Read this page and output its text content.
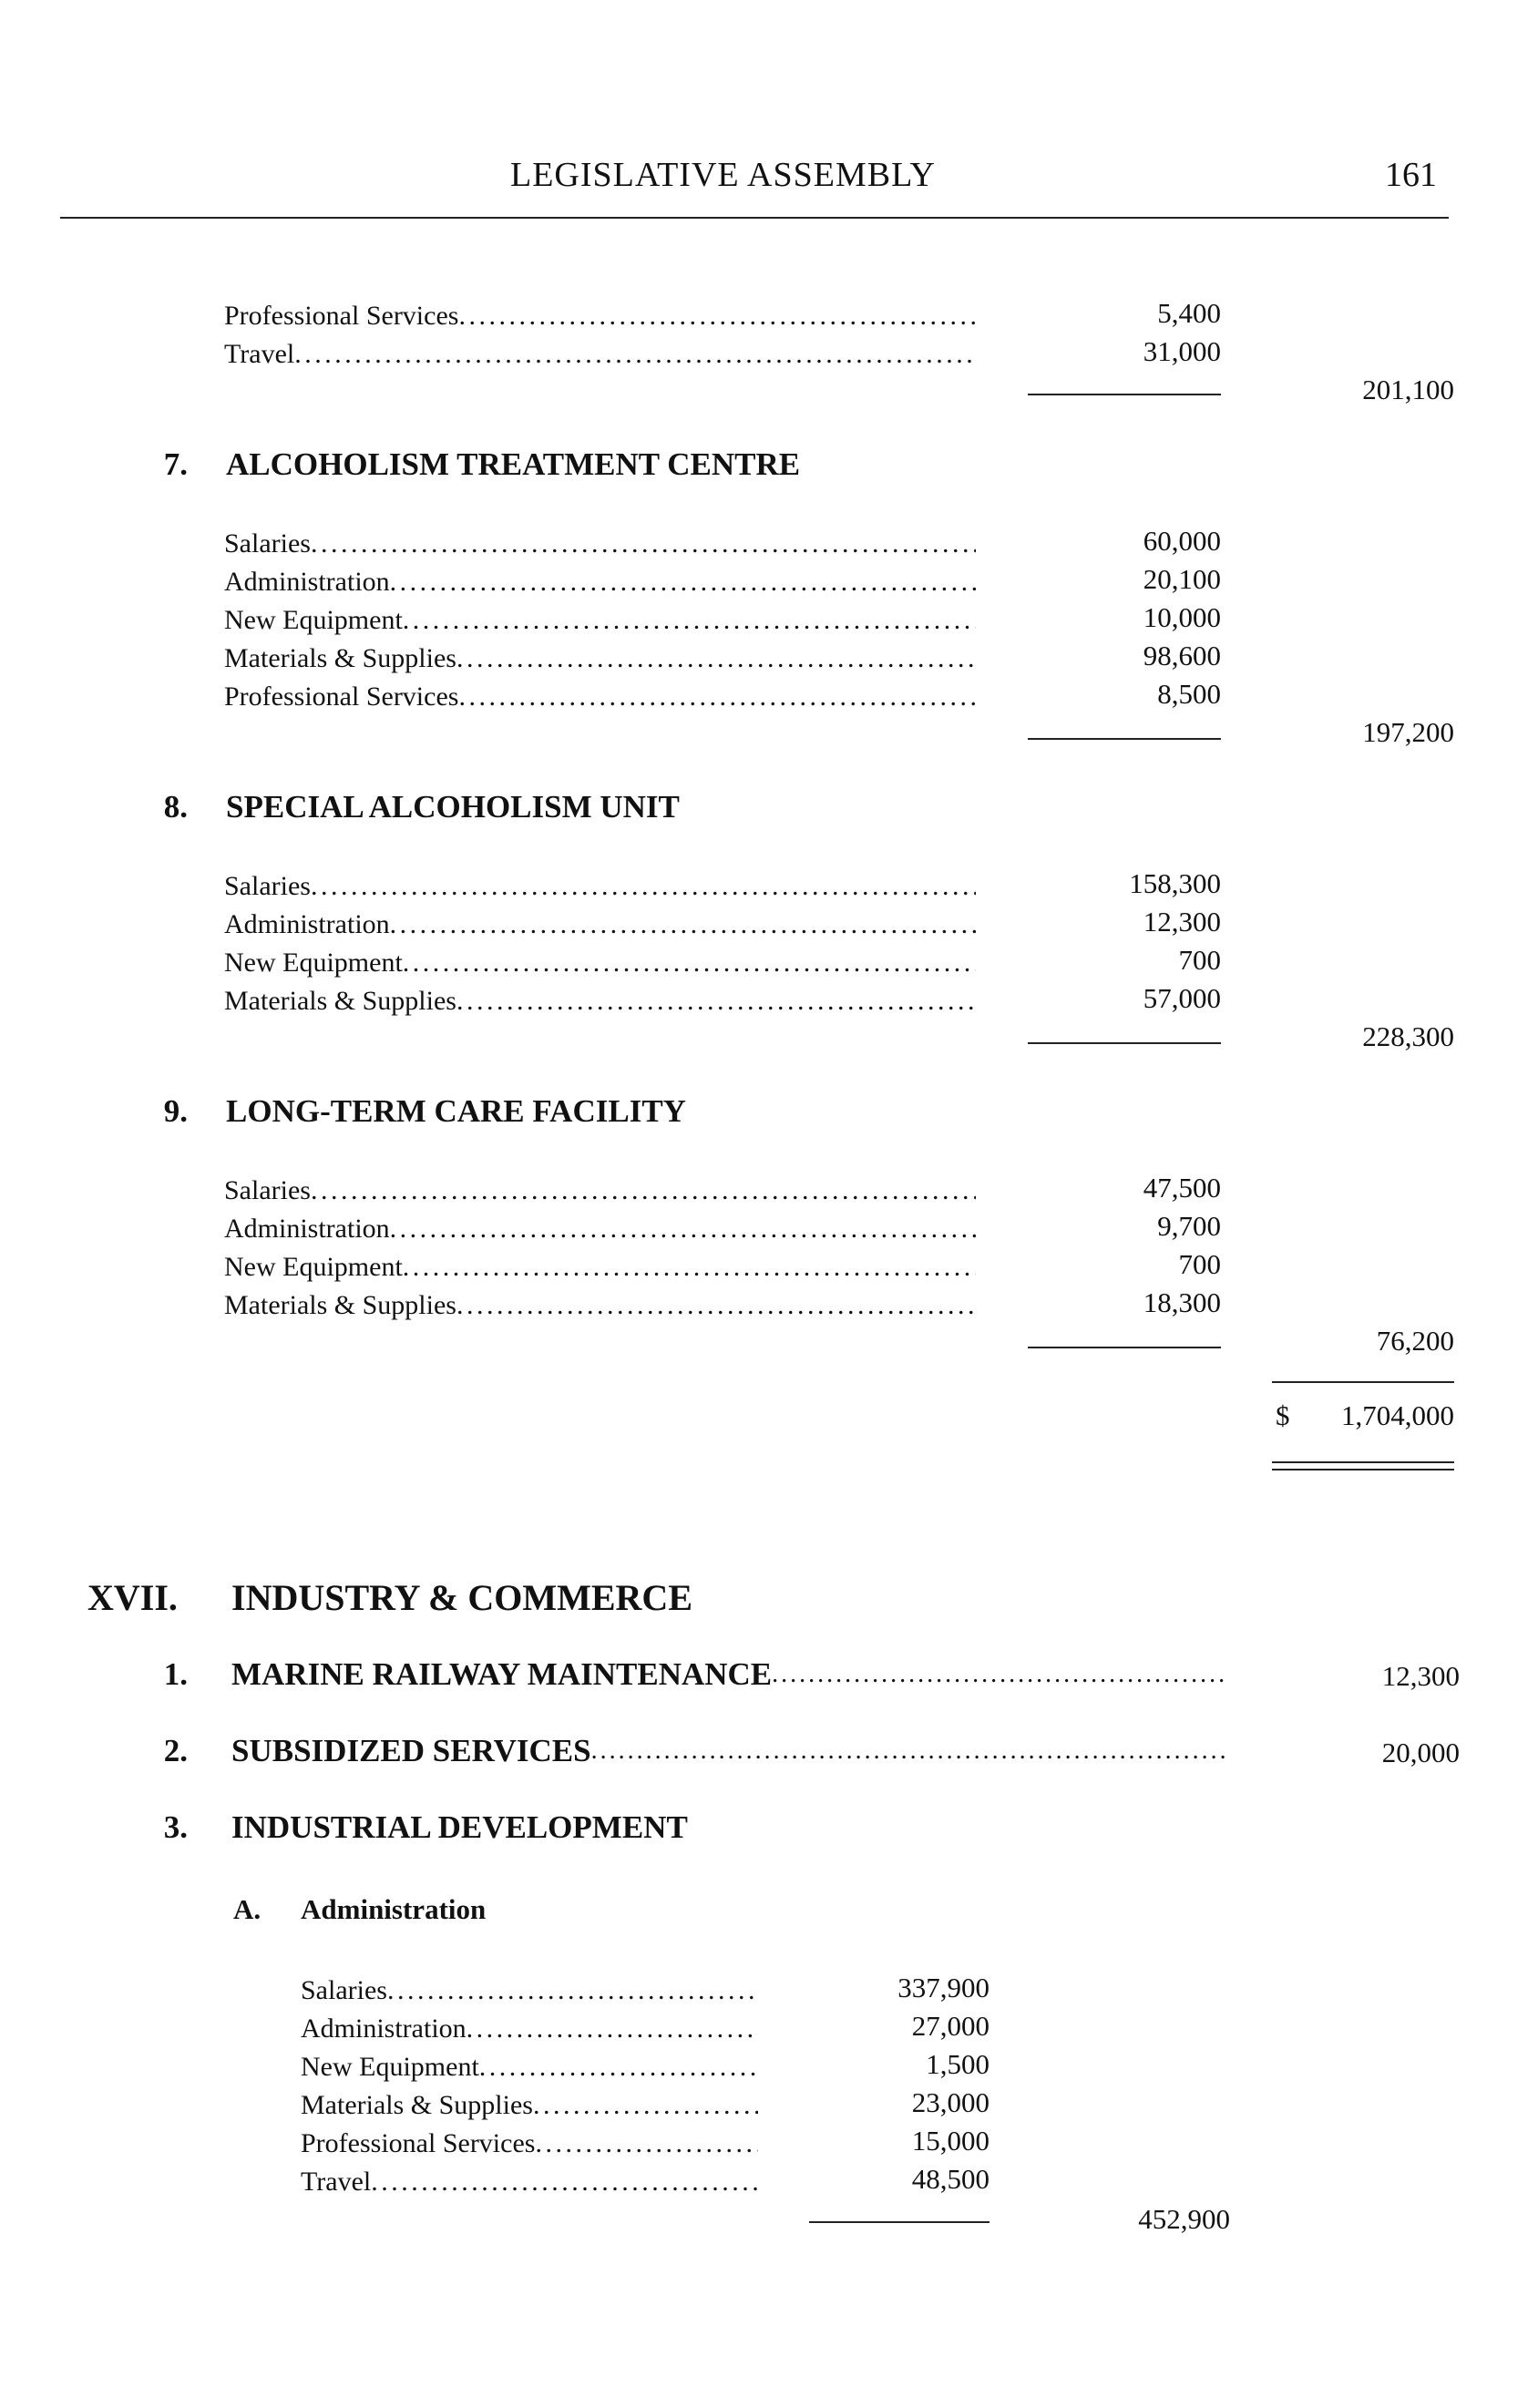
LEGISLATIVE ASSEMBLY	161
Professional Services . . .	5,400
Travel . . .	31,000
201,100
7. ALCOHOLISM TREATMENT CENTRE
Salaries . . .	60,000
Administration . . .	20,100
New Equipment . . .	10,000
Materials & Supplies . . .	98,600
Professional Services . . .	8,500
197,200
8. SPECIAL ALCOHOLISM UNIT
Salaries . . .	158,300
Administration . . .	12,300
New Equipment . . .	700
Materials & Supplies . . .	57,000
228,300
9. LONG-TERM CARE FACILITY
Salaries . . .	47,500
Administration . . .	9,700
New Equipment . . .	700
Materials & Supplies . . .	18,300
76,200
$	1,704,000
XVII. INDUSTRY & COMMERCE
1. MARINE RAILWAY MAINTENANCE . . .	12,300
2. SUBSIDIZED SERVICES . . .	20,000
3. INDUSTRIAL DEVELOPMENT
A. Administration
Salaries . . .	337,900
Administration . . .	27,000
New Equipment . . .	1,500
Materials & Supplies . . .	23,000
Professional Services . . .	15,000
Travel . . .	48,500
452,900
